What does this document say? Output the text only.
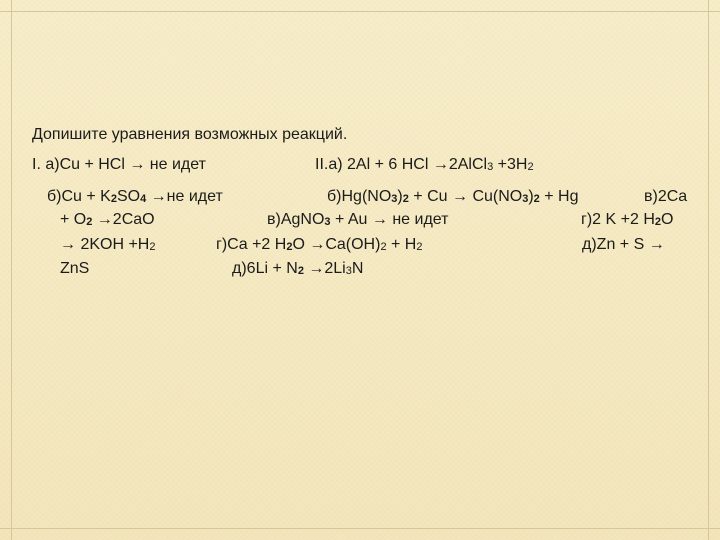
Допишите уравнения возможных реакций.
I. а)Cu + HCl → не идет	II.а) 2Al + 6 HCl →2AlCl3 +3H2
б)Cu + K2SO4 →не идет	б)Hg(NO3)2 + Cu → Cu(NO3)2 + Hg	в)2Ca
+ O2 →2CaO	в)AgNO3 + Au → не идет	г)2 K +2 H2O
→ 2KOH +H2	г)Ca +2 H2O →Ca(OH)2 + H2	д)Zn + S →
ZnS	д)6Li + N2 →2Li3N
